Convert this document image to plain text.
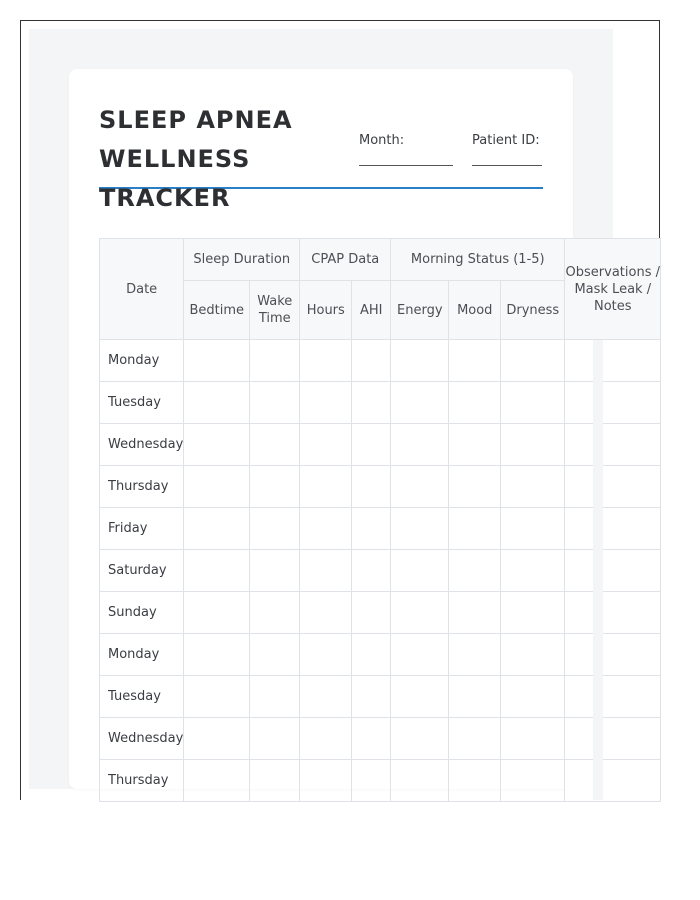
SLEEP APNEA WELLNESS TRACKER
Month:	Patient ID:
Date	Sleep Duration		CPAP Data		Morning Status (1-5)			Observations / Mask Leak / Notes
	Bedtime	Wake Time	Hours	AHI	Energy	Mood	Dryness	
Monday								
Tuesday								
Wednesday								
Thursday								
Friday								
Saturday								
Sunday								
Monday								
Tuesday								
Wednesday								
Thursday								
